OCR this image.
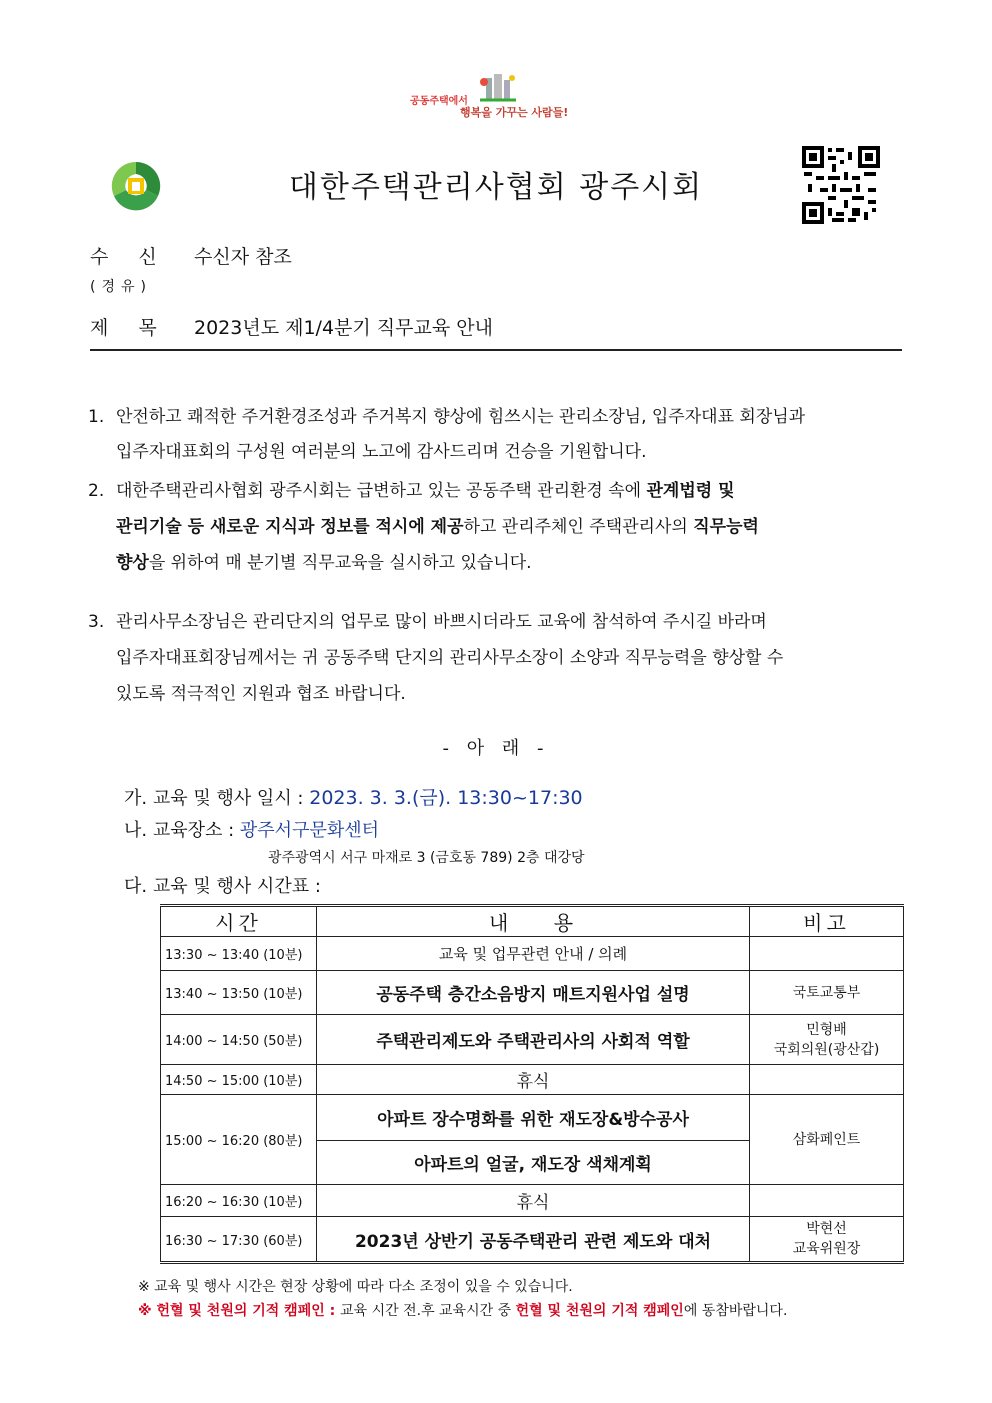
공동주택에서
행복을 가꾸는 사람들!
대한주택관리사협회 광주시회
수 신 수신자 참조
(경유)
제 목 2023년도 제1/4분기 직무교육 안내
1. 안전하고 쾌적한 주거환경조성과 주거복지 향상에 힘쓰시는 관리소장님, 입주자대표 회장님과
입주자대표회의 구성원 여러분의 노고에 감사드리며 건승을 기원합니다.
2. 대한주택관리사협회 광주시회는 급변하고 있는 공동주택 관리환경 속에 관계법령 및
관리기술 등 새로운 지식과 정보를 적시에 제공하고 관리주체인 주택관리사의 직무능력
향상을 위하여 매 분기별 직무교육을 실시하고 있습니다.
3. 관리사무소장님은 관리단지의 업무로 많이 바쁘시더라도 교육에 참석하여 주시길 바라며
입주자대표회장님께서는 귀 공동주택 단지의 관리사무소장이 소양과 직무능력을 향상할 수
있도록 적극적인 지원과 협조 바랍니다.
- 아 래 -
가. 교육 및 행사 일시 : 2023. 3. 3.(금). 13:30~17:30
나. 교육장소 : 광주서구문화센터
광주광역시 서구 마재로 3 (금호동 789) 2층 대강당
다. 교육 및 행사 시간표 :
시간	내    용	비고
13:30 ~ 13:40 (10분)	교육 및 업무관련 안내 / 의례	
13:40 ~ 13:50 (10분)	공동주택 층간소음방지 매트지원사업 설명	국토교통부
14:00 ~ 14:50 (50분)	주택관리제도와 주택관리사의 사회적 역할	민형배
국회의원(광산갑)

14:50 ~ 15:00 (10분)	휴식	
15:00 ~ 16:20 (80분)	아파트 장수명화를 위한 재도장&방수공사	삼화페인트
	아파트의 얼굴, 재도장 색채계획	
16:20 ~ 16:30 (10분)	휴식	
16:30 ~ 17:30 (60분)	2023년 상반기 공동주택관리 관련 제도와 대처	박현선
교육위원장
※ 교육 및 행사 시간은 현장 상황에 따라 다소 조정이 있을 수 있습니다.
※ 헌혈 및 천원의 기적 캠페인 : 교육 시간 전.후 교육시간 중 헌혈 및 천원의 기적 캠페인에 동참바랍니다.
